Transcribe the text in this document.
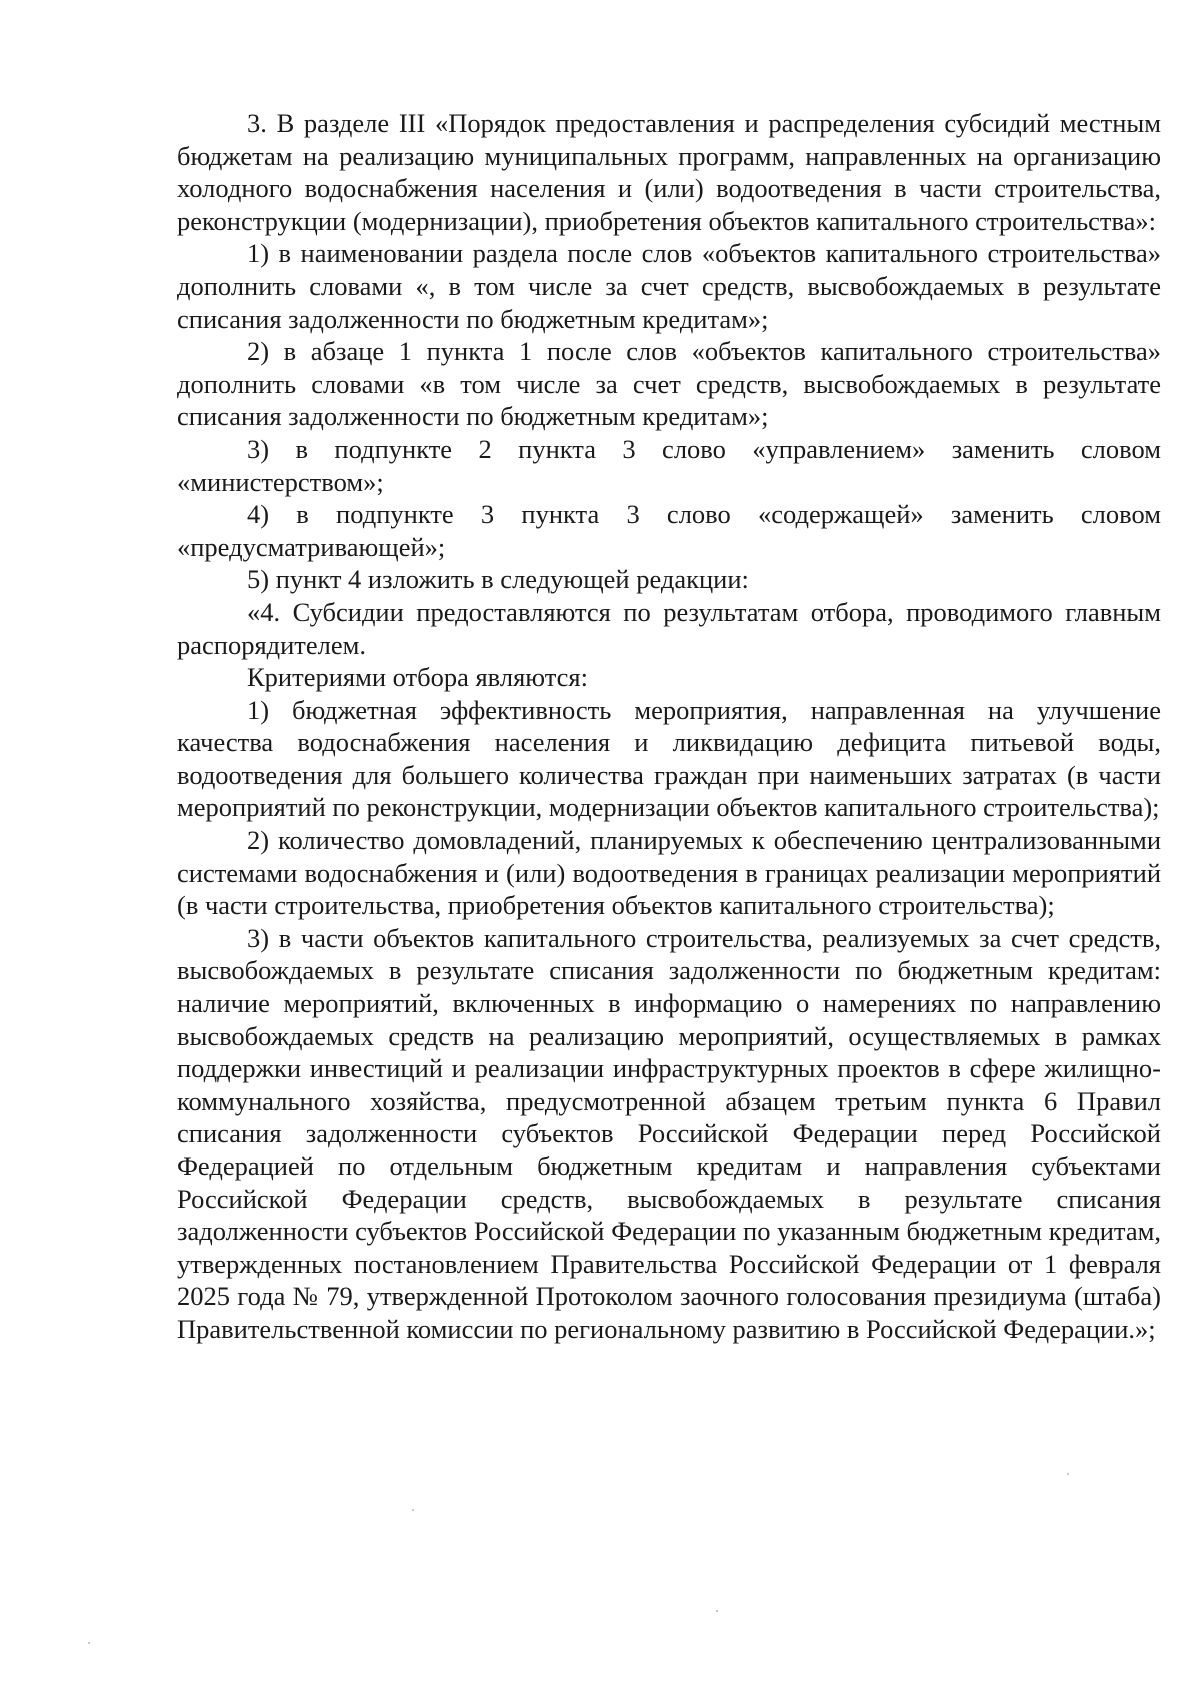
3. В разделе III «Порядок предоставления и распределения субсидий местным бюджетам на реализацию муниципальных программ, направленных на организацию холодного водоснабжения населения и (или) водоотведения в части строительства, реконструкции (модернизации), приобретения объектов капитального строительства»:

1) в наименовании раздела после слов «объектов капитального строительства» дополнить словами «, в том числе за счет средств, высвобождаемых в результате списания задолженности по бюджетным кредитам»;

2) в абзаце 1 пункта 1 после слов «объектов капитального строительства» дополнить словами «в том числе за счет средств, высвобождаемых в результате списания задолженности по бюджетным кредитам»;

3) в подпункте 2 пункта 3 слово «управлением» заменить словом «министерством»;

4) в подпункте 3 пункта 3 слово «содержащей» заменить словом «предусматривающей»;

5) пункт 4 изложить в следующей редакции:

«4. Субсидии предоставляются по результатам отбора, проводимого главным распорядителем.

Критериями отбора являются:

1) бюджетная эффективность мероприятия, направленная на улучшение качества водоснабжения населения и ликвидацию дефицита питьевой воды, водоотведения для большего количества граждан при наименьших затратах (в части мероприятий по реконструкции, модернизации объектов капитального строительства);

2) количество домовладений, планируемых к обеспечению централизованными системами водоснабжения и (или) водоотведения в границах реализации мероприятий (в части строительства, приобретения объектов капитального строительства);

3) в части объектов капитального строительства, реализуемых за счет средств, высвобождаемых в результате списания задолженности по бюджетным кредитам: наличие мероприятий, включенных в информацию о намерениях по направлению высвобождаемых средств на реализацию мероприятий, осуществляемых в рамках поддержки инвестиций и реализации инфраструктурных проектов в сфере жилищно-коммунального хозяйства, предусмотренной абзацем третьим пункта 6 Правил списания задолженности субъектов Российской Федерации перед Российской Федерацией по отдельным бюджетным кредитам и направления субъектами Российской Федерации средств, высвобождаемых в результате списания задолженности субъектов Российской Федерации по указанным бюджетным кредитам, утвержденных постановлением Правительства Российской Федерации от 1 февраля 2025 года № 79, утвержденной Протоколом заочного голосования президиума (штаба) Правительственной комиссии по региональному развитию в Российской Федерации.»;
